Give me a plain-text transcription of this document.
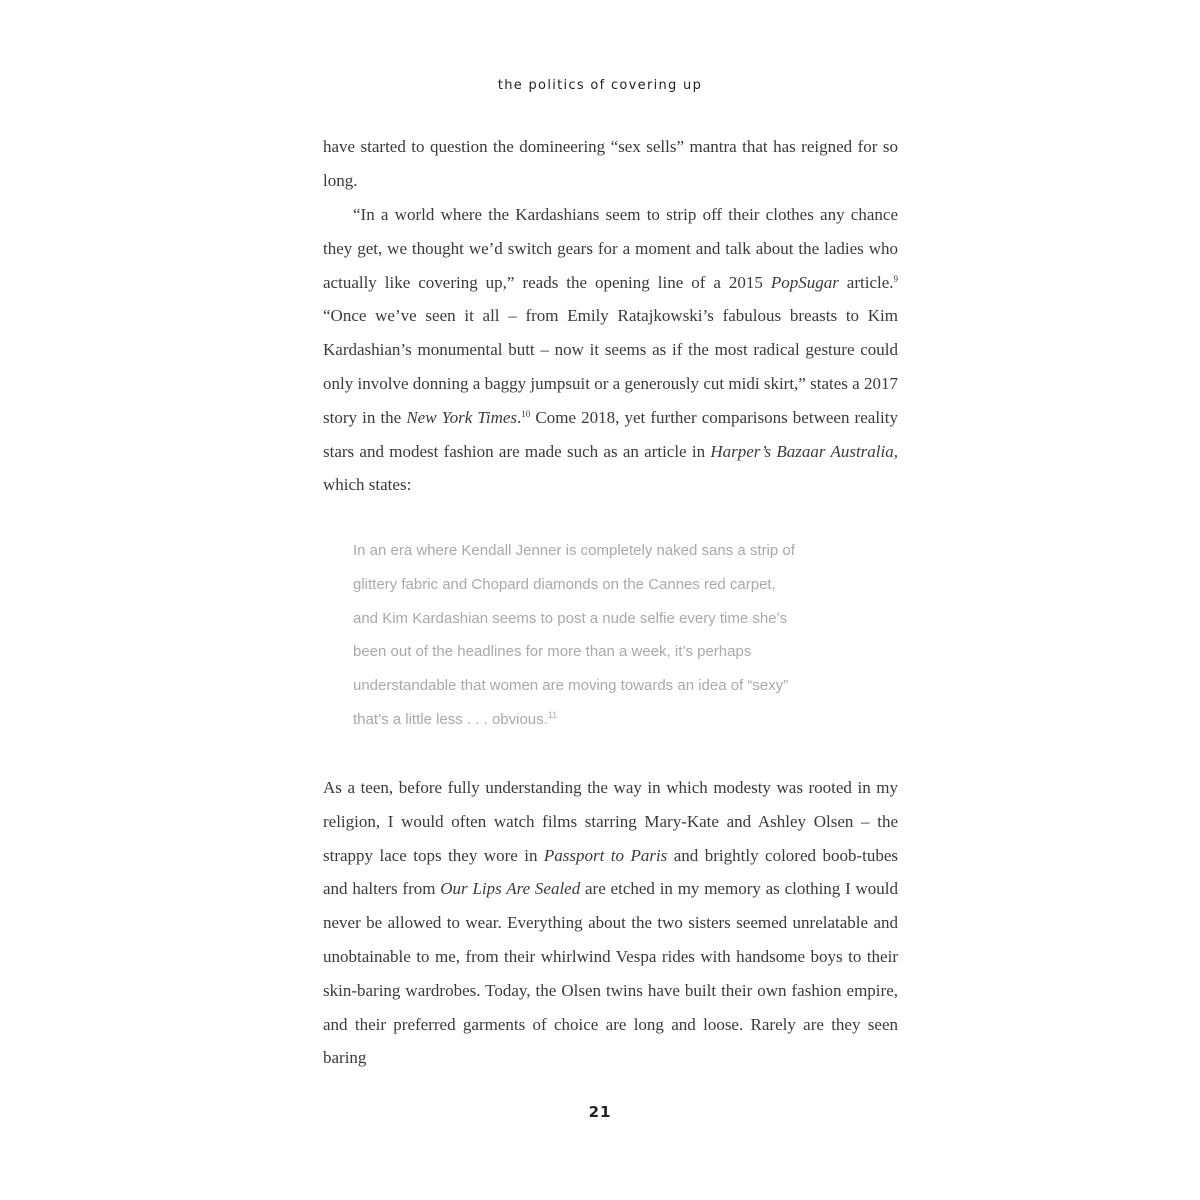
the politics of covering up

have started to question the domineering “sex sells” mantra that has reigned for so long.

“In a world where the Kardashians seem to strip off their clothes any chance they get, we thought we’d switch gears for a moment and talk about the ladies who actually like covering up,” reads the opening line of a 2015 PopSugar article.$^9$ “Once we’ve seen it all – from Emily Ratajkowski’s fabulous breasts to Kim Kardashian’s monumental butt – now it seems as if the most radical gesture could only involve donning a baggy jumpsuit or a generously cut midi skirt,” states a 2017 story in the New York Times.$^{10}$ Come 2018, yet further comparisons between reality stars and modest fashion are made such as an article in Harper’s Bazaar Australia, which states:

In an era where Kendall Jenner is completely naked sans a strip of
glittery fabric and Chopard diamonds on the Cannes red carpet,
and Kim Kardashian seems to post a nude selfie every time she’s
been out of the headlines for more than a week, it’s perhaps
understandable that women are moving towards an idea of “sexy”
that’s a little less . . . obvious.$^{11}$

As a teen, before fully understanding the way in which modesty was rooted in my religion, I would often watch films starring Mary-Kate and Ashley Olsen – the strappy lace tops they wore in Passport to Paris and brightly colored boob-tubes and halters from Our Lips Are Sealed are etched in my memory as clothing I would never be allowed to wear. Everything about the two sisters seemed unrelatable and unobtainable to me, from their whirlwind Vespa rides with handsome boys to their skin-baring wardrobes. Today, the Olsen twins have built their own fashion empire, and their preferred garments of choice are long and loose. Rarely are they seen baring

21
